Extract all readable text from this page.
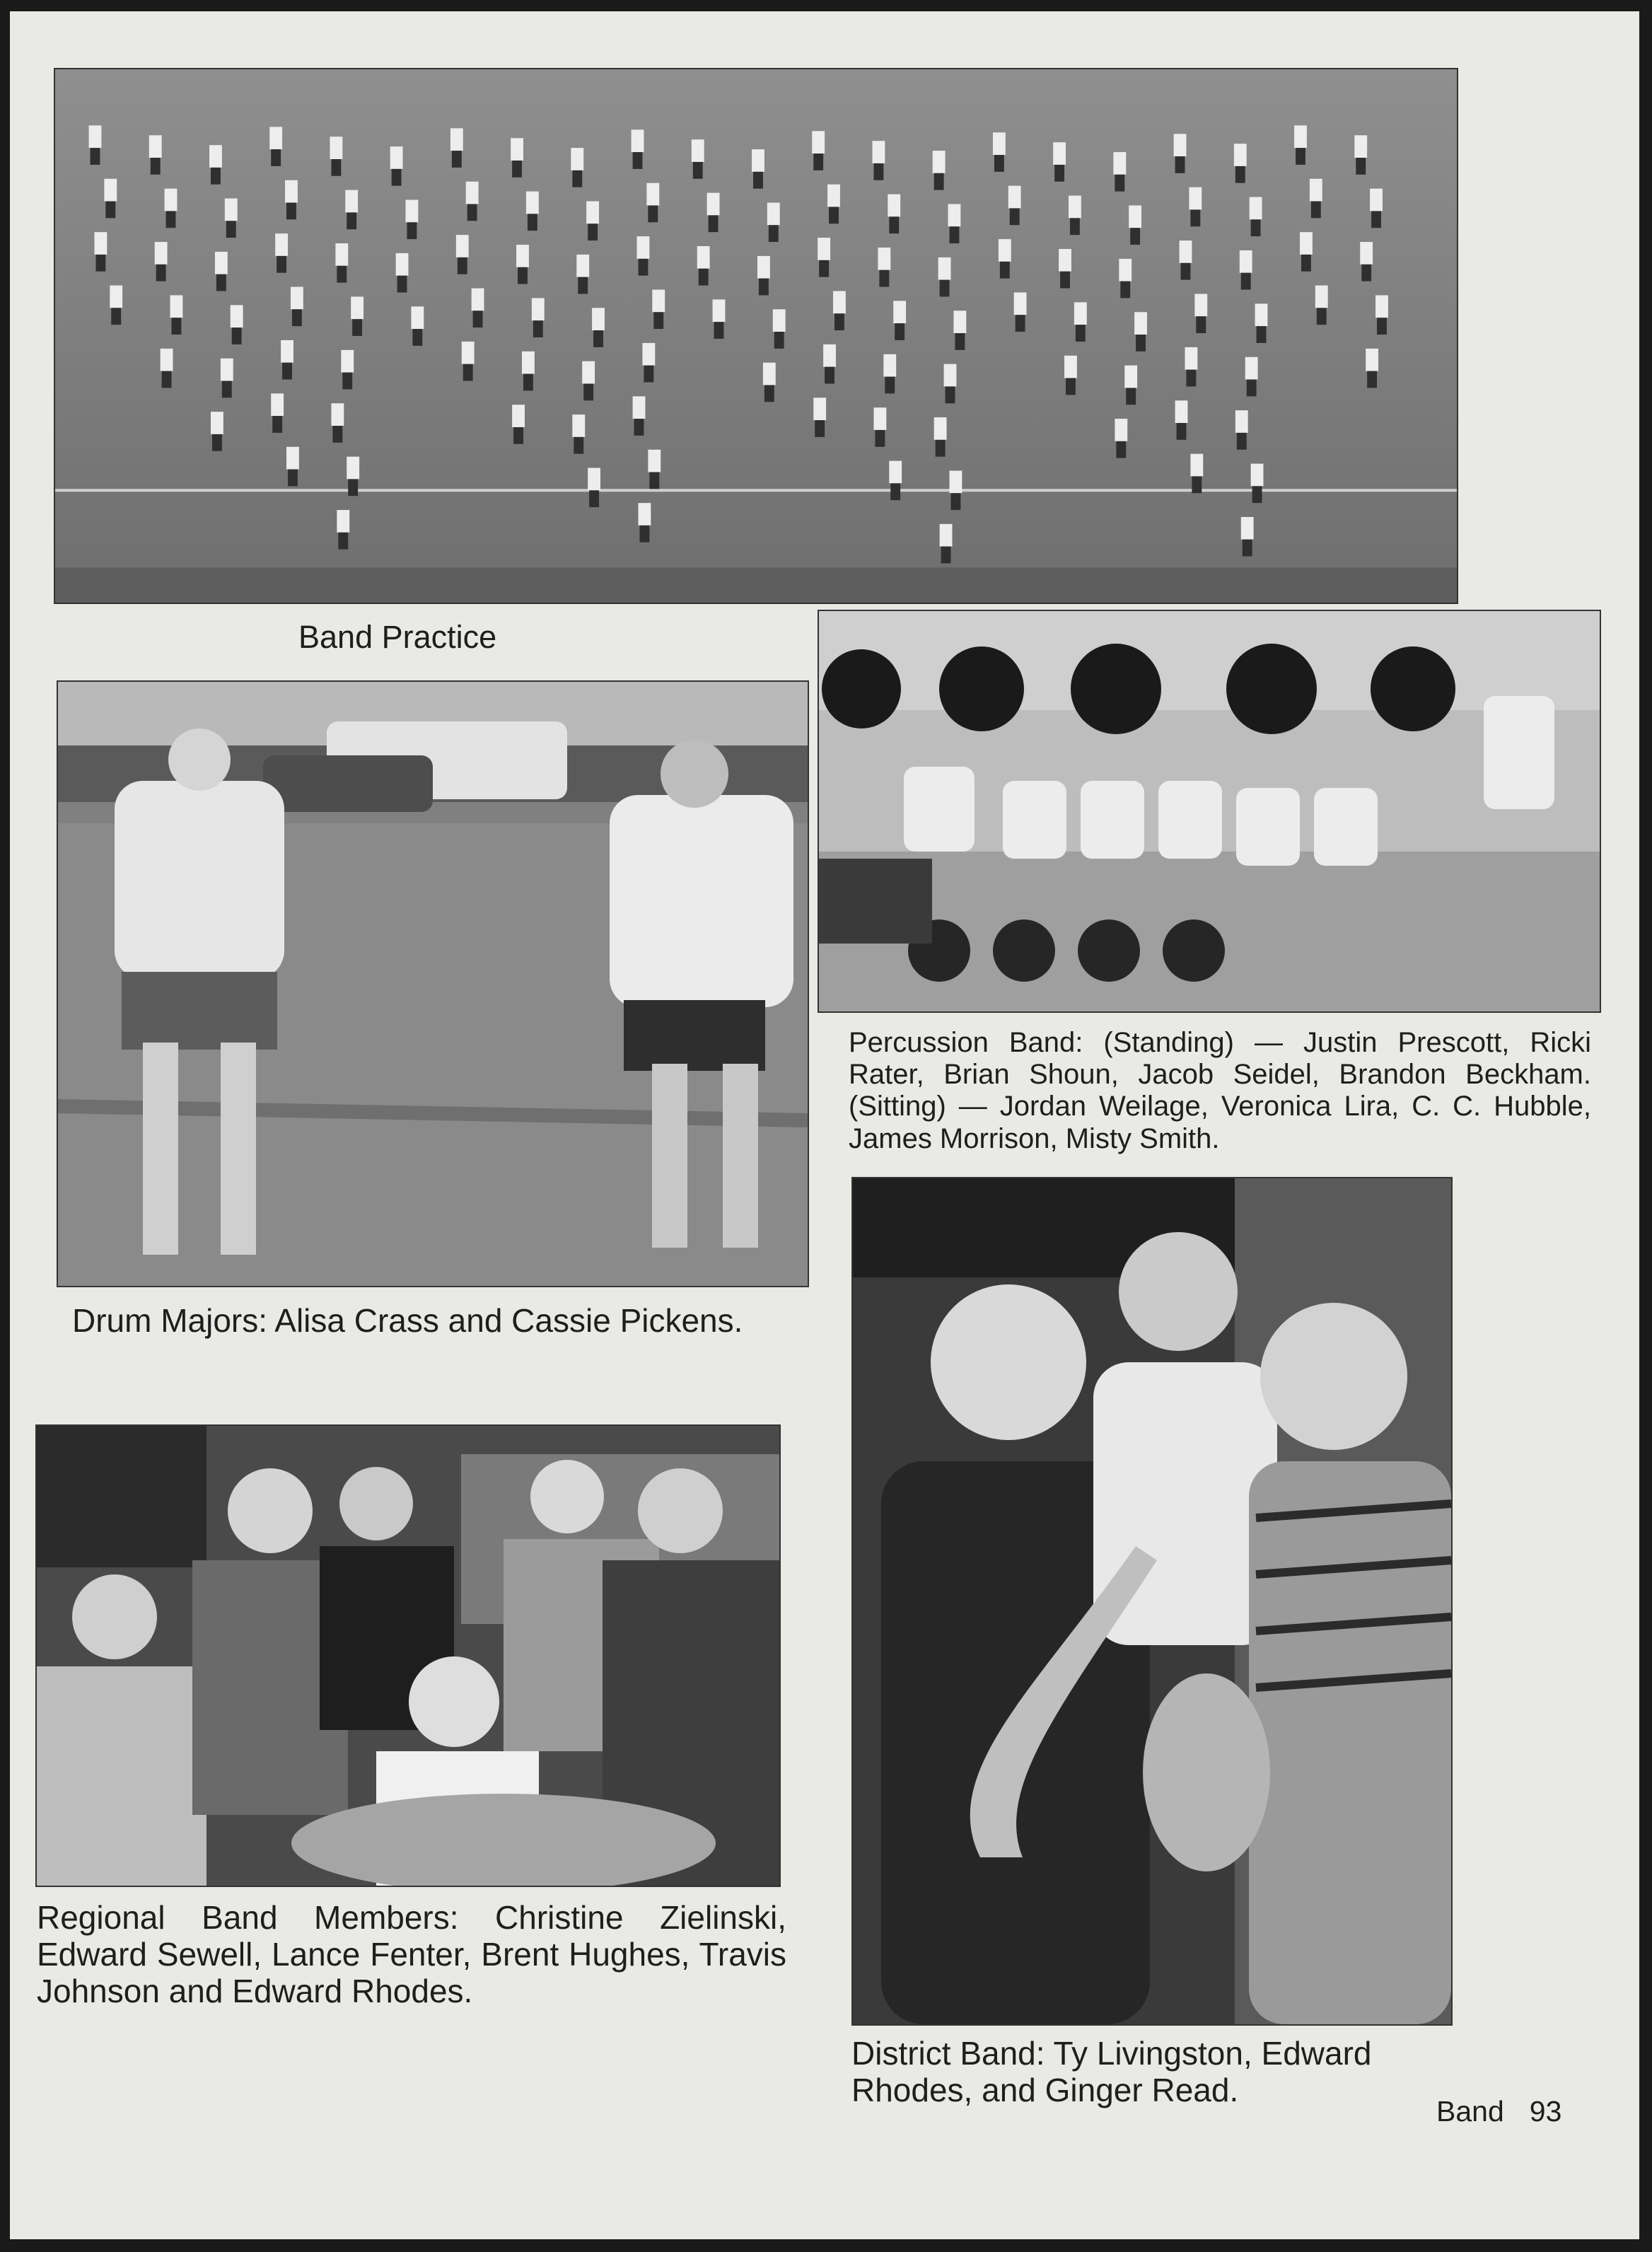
Band Practice

Drum Majors: Alisa Crass and Cassie Pickens.

Percussion Band: (Standing) — Justin Prescott, Ricki Rater, Brian Shoun, Jacob Seidel, Brandon Beckham. (Sitting) — Jordan Weilage, Veronica Lira, C. C. Hubble, James Morrison, Misty Smith.

District Band: Ty Livingston, Edward Rhodes, and Ginger Read.

Regional Band Members: Christine Zielinski, Edward Sewell, Lance Fenter, Brent Hughes, Travis Johnson and Edward Rhodes.

Band 93
